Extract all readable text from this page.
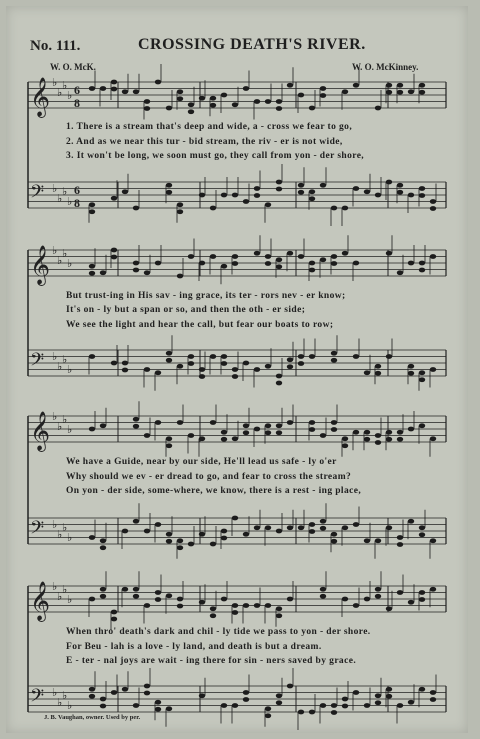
No. 111.	CROSSING DEATH'S RIVER.
W. O. McK.	W. O. McKinney.
𝄞 ♭
♭
♭
♭ 6
8
𝄢 ♭
♭
♭
♭
6
8
𝄞 ♭
♭
♭
♭
𝄢 ♭
♭
♭
♭
𝄞 ♭
♭
♭
♭
𝄢 ♭
♭
♭
♭
𝄞 ♭
♭
♭
♭
𝄢 ♭
♭
♭
♭
1. There is a stream that's deep and wide, a - cross we fear to go,
2. And as we near this tur - bid stream, the riv - er is not wide,
3. It won't be long, we soon must go, they call from yon - der shore,
But trust-ing in His sav - ing grace, its ter - rors nev - er know;
It's on - ly but a span or so, and then the oth - er side;
We see the light and hear the call, but fear our boats to row;
We have a Guide, near by our side, He'll lead us safe - ly o'er
Why should we ev - er dread to go, and fear to cross the stream?
On yon - der side, some-where, we know, there is a rest - ing place,
When thro' death's dark and chil - ly tide we pass to yon - der shore.
For Beu - lah is a love - ly land, and death is but a dream.
E - ter - nal joys are wait - ing there for sin - ners saved by grace.
J. B. Vaughan, owner. Used by per.
